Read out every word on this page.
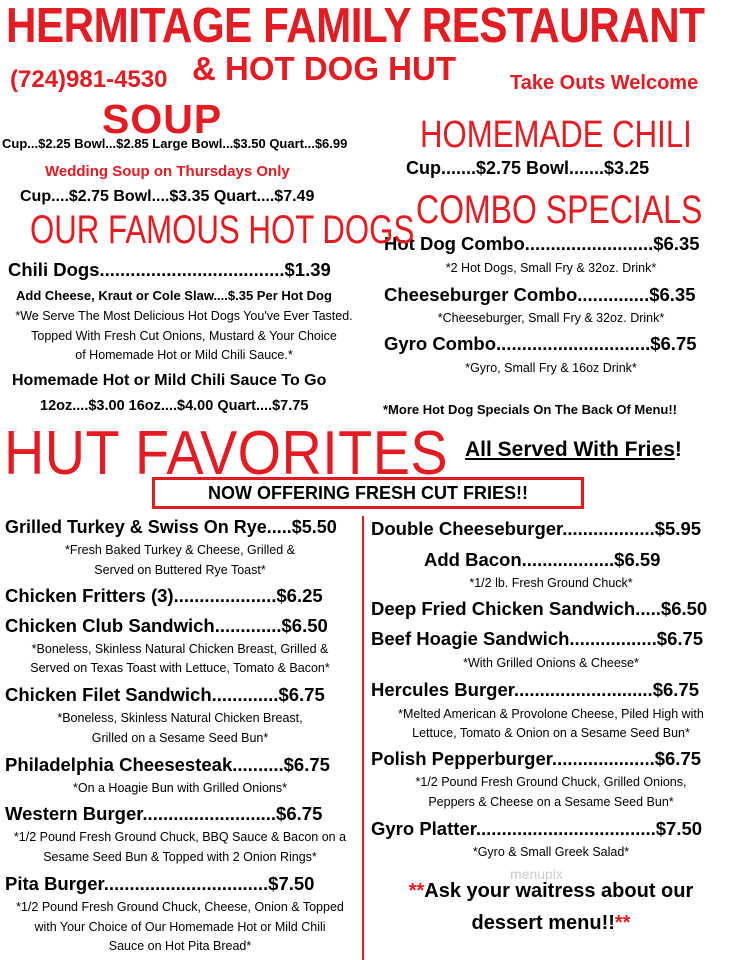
HERMITAGE FAMILY RESTAURANT
(724)981-4530 & HOT DOG HUT	Take Outs Welcome
SOUP
Cup...$2.25 Bowl...$2.85 Large Bowl...$3.50 Quart...$6.99
Wedding Soup on Thursdays Only
Cup....$2.75 Bowl....$3.35 Quart....$7.49
HOMEMADE CHILI
Cup.......$2.75 Bowl.......$3.25
COMBO SPECIALS
Hot Dog Combo.........................$6.35
*2 Hot Dogs, Small Fry & 32oz. Drink*
Cheeseburger Combo..............$6.35
*Cheeseburger, Small Fry & 32oz. Drink*
Gyro Combo..............................$6.75
*Gyro, Small Fry & 16oz Drink*
*More Hot Dog Specials On The Back Of Menu!!
OUR FAMOUS HOT DOGS
Chili Dogs....................................$1.39
Add Cheese, Kraut or Cole Slaw....$.35 Per Hot Dog
*We Serve The Most Delicious Hot Dogs You've Ever Tasted.
Topped With Fresh Cut Onions, Mustard & Your Choice
of Homemade Hot or Mild Chili Sauce.*
Homemade Hot or Mild Chili Sauce To Go
12oz....$3.00 16oz....$4.00 Quart....$7.75
HUT FAVORITES All Served With Fries!
NOW OFFERING FRESH CUT FRIES!!
Grilled Turkey & Swiss On Rye.....$5.50
*Fresh Baked Turkey & Cheese, Grilled &
Served on Buttered Rye Toast*
Chicken Fritters (3)....................$6.25
Chicken Club Sandwich.............$6.50
*Boneless, Skinless Natural Chicken Breast, Grilled &
Served on Texas Toast with Lettuce, Tomato & Bacon*
Chicken Filet Sandwich.............$6.75
*Boneless, Skinless Natural Chicken Breast,
Grilled on a Sesame Seed Bun*
Philadelphia Cheesesteak..........$6.75
*On a Hoagie Bun with Grilled Onions*
Western Burger..........................$6.75
*1/2 Pound Fresh Ground Chuck, BBQ Sauce & Bacon on a
Sesame Seed Bun & Topped with 2 Onion Rings*
Pita Burger................................$7.50
*1/2 Pound Fresh Ground Chuck, Cheese, Onion & Topped
with Your Choice of Our Homemade Hot or Mild Chili
Sauce on Hot Pita Bread*
Double Cheeseburger..................$5.95
Add Bacon..................$6.59
*1/2 lb. Fresh Ground Chuck*
Deep Fried Chicken Sandwich.....$6.50
Beef Hoagie Sandwich.................$6.75
*With Grilled Onions & Cheese*
Hercules Burger...........................$6.75
*Melted American & Provolone Cheese, Piled High with
Lettuce, Tomato & Onion on a Sesame Seed Bun*
Polish Pepperburger....................$6.75
*1/2 Pound Fresh Ground Chuck, Grilled Onions,
Peppers & Cheese on a Sesame Seed Bun*
Gyro Platter...................................$7.50
*Gyro & Small Greek Salad*
**Ask your waitress about our
dessert menu!!**
menupix
